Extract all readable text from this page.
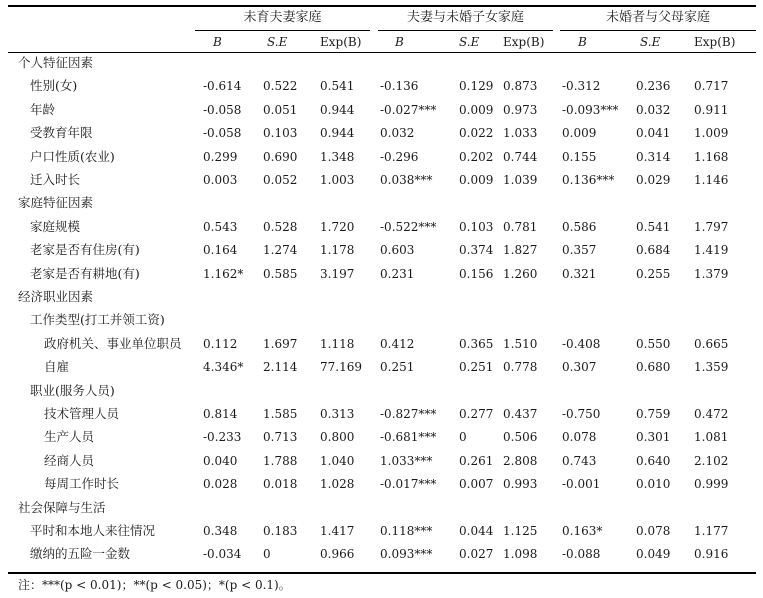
未育夫妻家庭	夫妻与未婚子女家庭	未婚者与父母家庭
B	S.E	Exp(B)	B	S.E Exp(B)	B	S.E	Exp(B)
个人特征因素
性别(女)	-0.614 0.522 0.541 -0.136	0.129 0.873 -0.312	0.236 0.717
年龄	-0.058 0.051 0.944 -0.027*** 0.009 0.973 -0.093*** 0.032 0.911
受教育年限	-0.058 0.103 0.944 0.032	0.022 1.033 0.009	0.041 1.009
户口性质(农业)	0.299 0.690 1.348 -0.296	0.202 0.744 0.155	0.314 1.168
迁入时长	0.003 0.052 1.003 0.038*** 0.009 1.039 0.136*** 0.029 1.146
家庭特征因素
家庭规模	0.543 0.528 1.720 -0.522*** 0.103 0.781 0.586	0.541 1.797
老家是否有住房(有)	0.164 1.274 1.178 0.603	0.374 1.827 0.357	0.684 1.419
老家是否有耕地(有)	1.162* 0.585 3.197 0.231	0.156 1.260 0.321	0.255 1.379
经济职业因素
工作类型(打工并领工资)
政府机关、事业单位职员 0.112 1.697 1.118 0.412	0.365 1.510 -0.408	0.550 0.665
自雇	4.346* 2.114 77.169 0.251	0.251 0.778 0.307	0.680 1.359
职业(服务人员)
技术管理人员	0.814 1.585 0.313 -0.827*** 0.277 0.437 -0.750	0.759 0.472
生产人员	-0.233 0.713 0.800 -0.681*** 0	0.506 0.078	0.301 1.081
经商人员	0.040 1.788 1.040 1.033*** 0.261 2.808 0.743	0.640 2.102
每周工作时长	0.028 0.018 1.028 -0.017*** 0.007 0.993 -0.001	0.010 0.999
社会保障与生活
平时和本地人来往情况	0.348 0.183 1.417 0.118*** 0.044 1.125 0.163*	0.078 1.177
缴纳的五险一金数	-0.034 0	0.966 0.093*** 0.027 1.098 -0.088	0.049 0.916
注：***(p < 0.01)；**(p < 0.05)；*(p < 0.1)。
